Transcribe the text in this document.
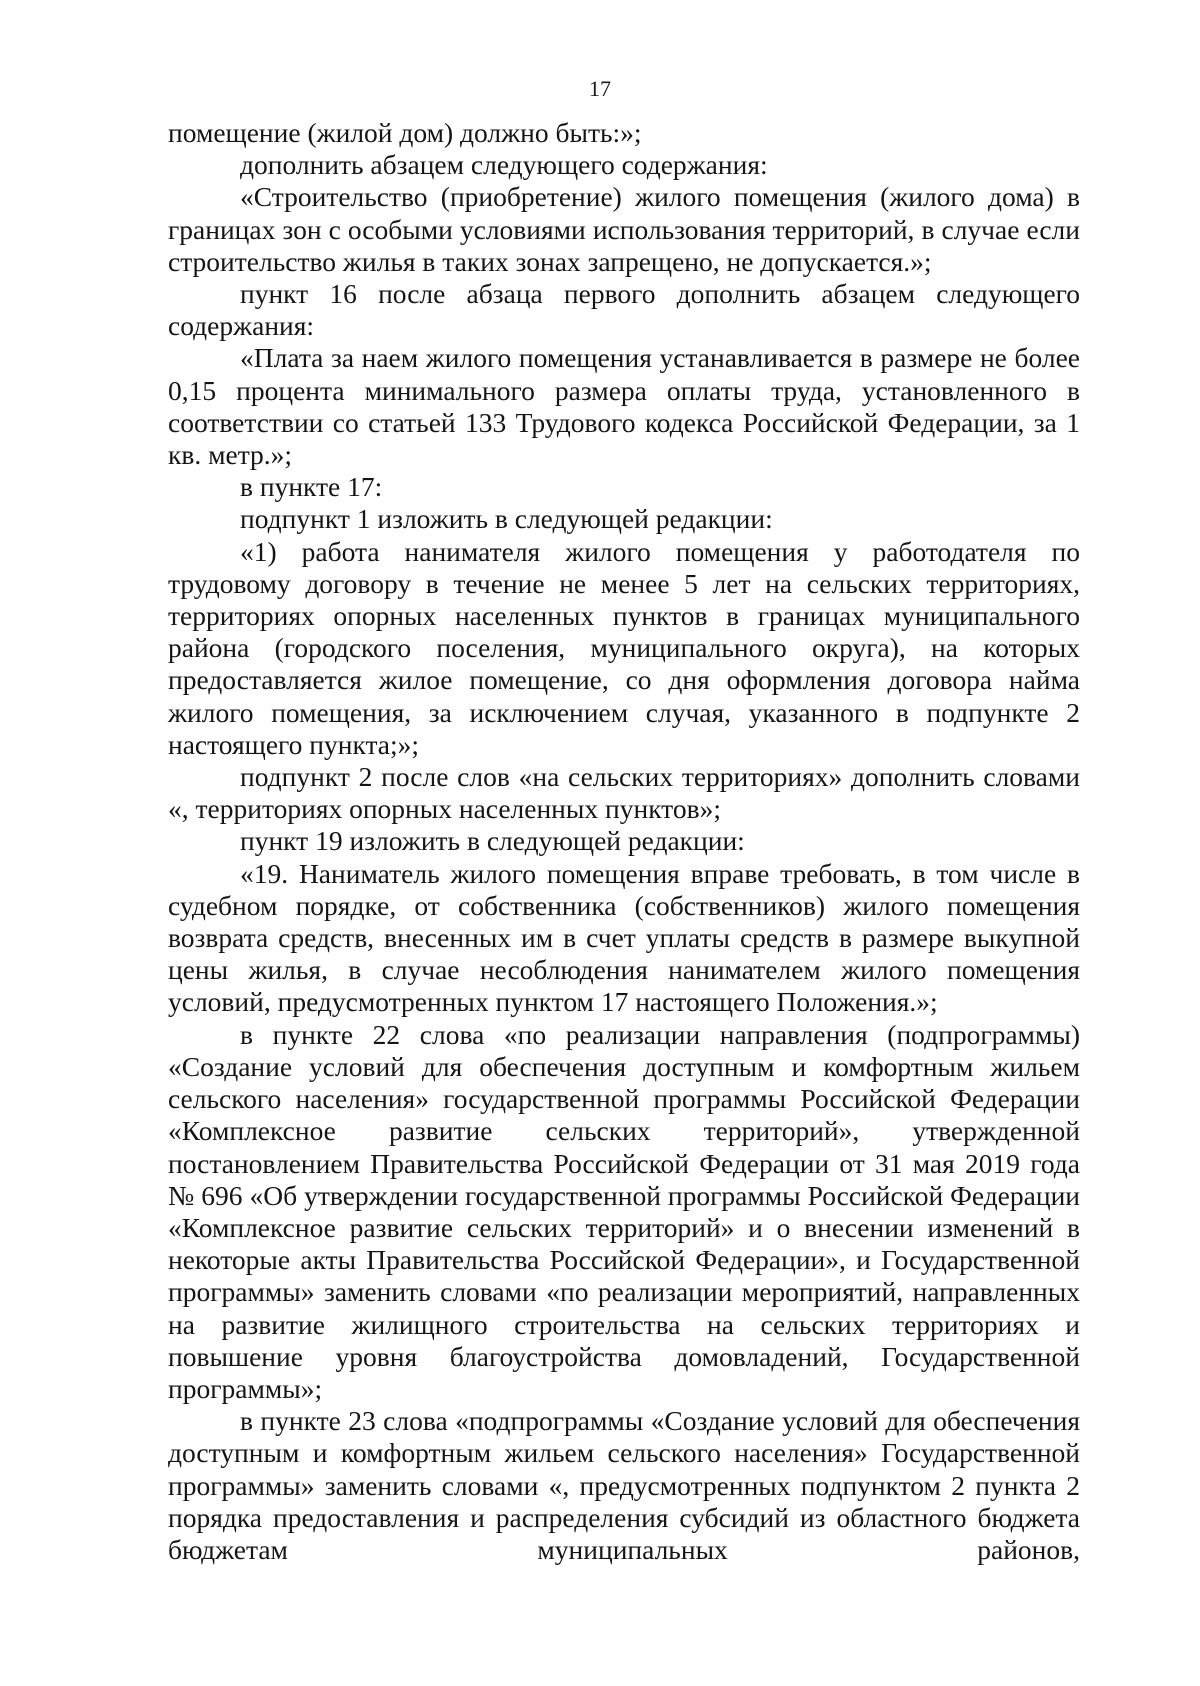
17

помещение (жилой дом) должно быть:»;

дополнить абзацем следующего содержания:

«Строительство (приобретение) жилого помещения (жилого дома) в границах зон с особыми условиями использования территорий, в случае если строительство жилья в таких зонах запрещено, не допускается.»;

пункт 16 после абзаца первого дополнить абзацем следующего содержания:

«Плата за наем жилого помещения устанавливается в размере не более 0,15 процента минимального размера оплаты труда, установленного в соответствии со статьей 133 Трудового кодекса Российской Федерации, за 1 кв. метр.»;

в пункте 17:

подпункт 1 изложить в следующей редакции:

«1) работа нанимателя жилого помещения у работодателя по трудовому договору в течение не менее 5 лет на сельских территориях, территориях опорных населенных пунктов в границах муниципального района (городского поселения, муниципального округа), на которых предоставляется жилое помещение, со дня оформления договора найма жилого помещения, за исключением случая, указанного в подпункте 2 настоящего пункта;»;

подпункт 2 после слов «на сельских территориях» дополнить словами «, территориях опорных населенных пунктов»;

пункт 19 изложить в следующей редакции:

«19. Наниматель жилого помещения вправе требовать, в том числе в судебном порядке, от собственника (собственников) жилого помещения возврата средств, внесенных им в счет уплаты средств в размере выкупной цены жилья, в случае несоблюдения нанимателем жилого помещения условий, предусмотренных пунктом 17 настоящего Положения.»;

в пункте 22 слова «по реализации направления (подпрограммы) «Создание условий для обеспечения доступным и комфортным жильем сельского населения» государственной программы Российской Федерации «Комплексное развитие сельских территорий», утвержденной постановлением Правительства Российской Федерации от 31 мая 2019 года № 696 «Об утверждении государственной программы Российской Федерации «Комплексное развитие сельских территорий» и о внесении изменений в некоторые акты Правительства Российской Федерации», и Государственной программы» заменить словами «по реализации мероприятий, направленных на развитие жилищного строительства на сельских территориях и повышение уровня благоустройства домовладений, Государственной программы»;

в пункте 23 слова «подпрограммы «Создание условий для обеспечения доступным и комфортным жильем сельского населения» Государственной программы» заменить словами «, предусмотренных подпунктом 2 пункта 2 порядка предоставления и распределения субсидий из областного бюджета бюджетам муниципальных районов,
